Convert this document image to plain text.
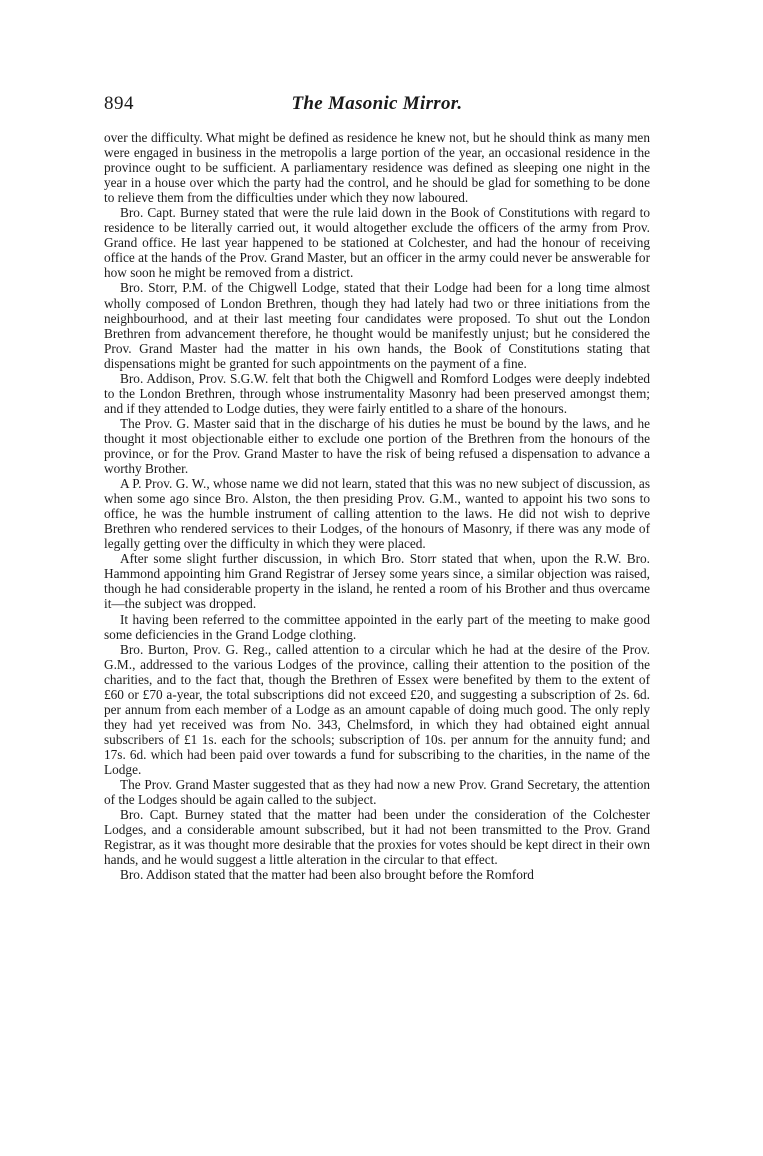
894	The Masonic Mirror.

over the difficulty. What might be defined as residence he knew not, but he should think as many men were engaged in business in the metropolis a large portion of the year, an occasional residence in the province ought to be sufficient. A parliamentary residence was defined as sleeping one night in the year in a house over which the party had the control, and he should be glad for something to be done to relieve them from the difficulties under which they now laboured.

Bro. Capt. Burney stated that were the rule laid down in the Book of Constitutions with regard to residence to be literally carried out, it would altogether exclude the officers of the army from Prov. Grand office. He last year happened to be stationed at Colchester, and had the honour of receiving office at the hands of the Prov. Grand Master, but an officer in the army could never be answerable for how soon he might be removed from a district.

Bro. Storr, P.M. of the Chigwell Lodge, stated that their Lodge had been for a long time almost wholly composed of London Brethren, though they had lately had two or three initiations from the neighbourhood, and at their last meeting four candidates were proposed. To shut out the London Brethren from advancement therefore, he thought would be manifestly unjust; but he considered the Prov. Grand Master had the matter in his own hands, the Book of Constitutions stating that dispensations might be granted for such appointments on the payment of a fine.

Bro. Addison, Prov. S.G.W. felt that both the Chigwell and Romford Lodges were deeply indebted to the London Brethren, through whose instrumentality Masonry had been preserved amongst them; and if they attended to Lodge duties, they were fairly entitled to a share of the honours.

The Prov. G. Master said that in the discharge of his duties he must be bound by the laws, and he thought it most objectionable either to exclude one portion of the Brethren from the honours of the province, or for the Prov. Grand Master to have the risk of being refused a dispensation to advance a worthy Brother.

A P. Prov. G. W., whose name we did not learn, stated that this was no new subject of discussion, as when some ago since Bro. Alston, the then presiding Prov. G.M., wanted to appoint his two sons to office, he was the humble instrument of calling attention to the laws. He did not wish to deprive Brethren who rendered services to their Lodges, of the honours of Masonry, if there was any mode of legally getting over the difficulty in which they were placed.

After some slight further discussion, in which Bro. Storr stated that when, upon the R.W. Bro. Hammond appointing him Grand Registrar of Jersey some years since, a similar objection was raised, though he had considerable property in the island, he rented a room of his Brother and thus overcame it—the subject was dropped.

It having been referred to the committee appointed in the early part of the meeting to make good some deficiencies in the Grand Lodge clothing.

Bro. Burton, Prov. G. Reg., called attention to a circular which he had at the desire of the Prov. G.M., addressed to the various Lodges of the province, calling their attention to the position of the charities, and to the fact that, though the Brethren of Essex were benefited by them to the extent of £60 or £70 a-year, the total subscriptions did not exceed £20, and suggesting a subscription of 2s. 6d. per annum from each member of a Lodge as an amount capable of doing much good. The only reply they had yet received was from No. 343, Chelmsford, in which they had obtained eight annual subscribers of £1 1s. each for the schools; subscription of 10s. per annum for the annuity fund; and 17s. 6d. which had been paid over towards a fund for subscribing to the charities, in the name of the Lodge.

The Prov. Grand Master suggested that as they had now a new Prov. Grand Secretary, the attention of the Lodges should be again called to the subject.

Bro. Capt. Burney stated that the matter had been under the consideration of the Colchester Lodges, and a considerable amount subscribed, but it had not been transmitted to the Prov. Grand Registrar, as it was thought more desirable that the proxies for votes should be kept direct in their own hands, and he would suggest a little alteration in the circular to that effect.

Bro. Addison stated that the matter had been also brought before the Romford
